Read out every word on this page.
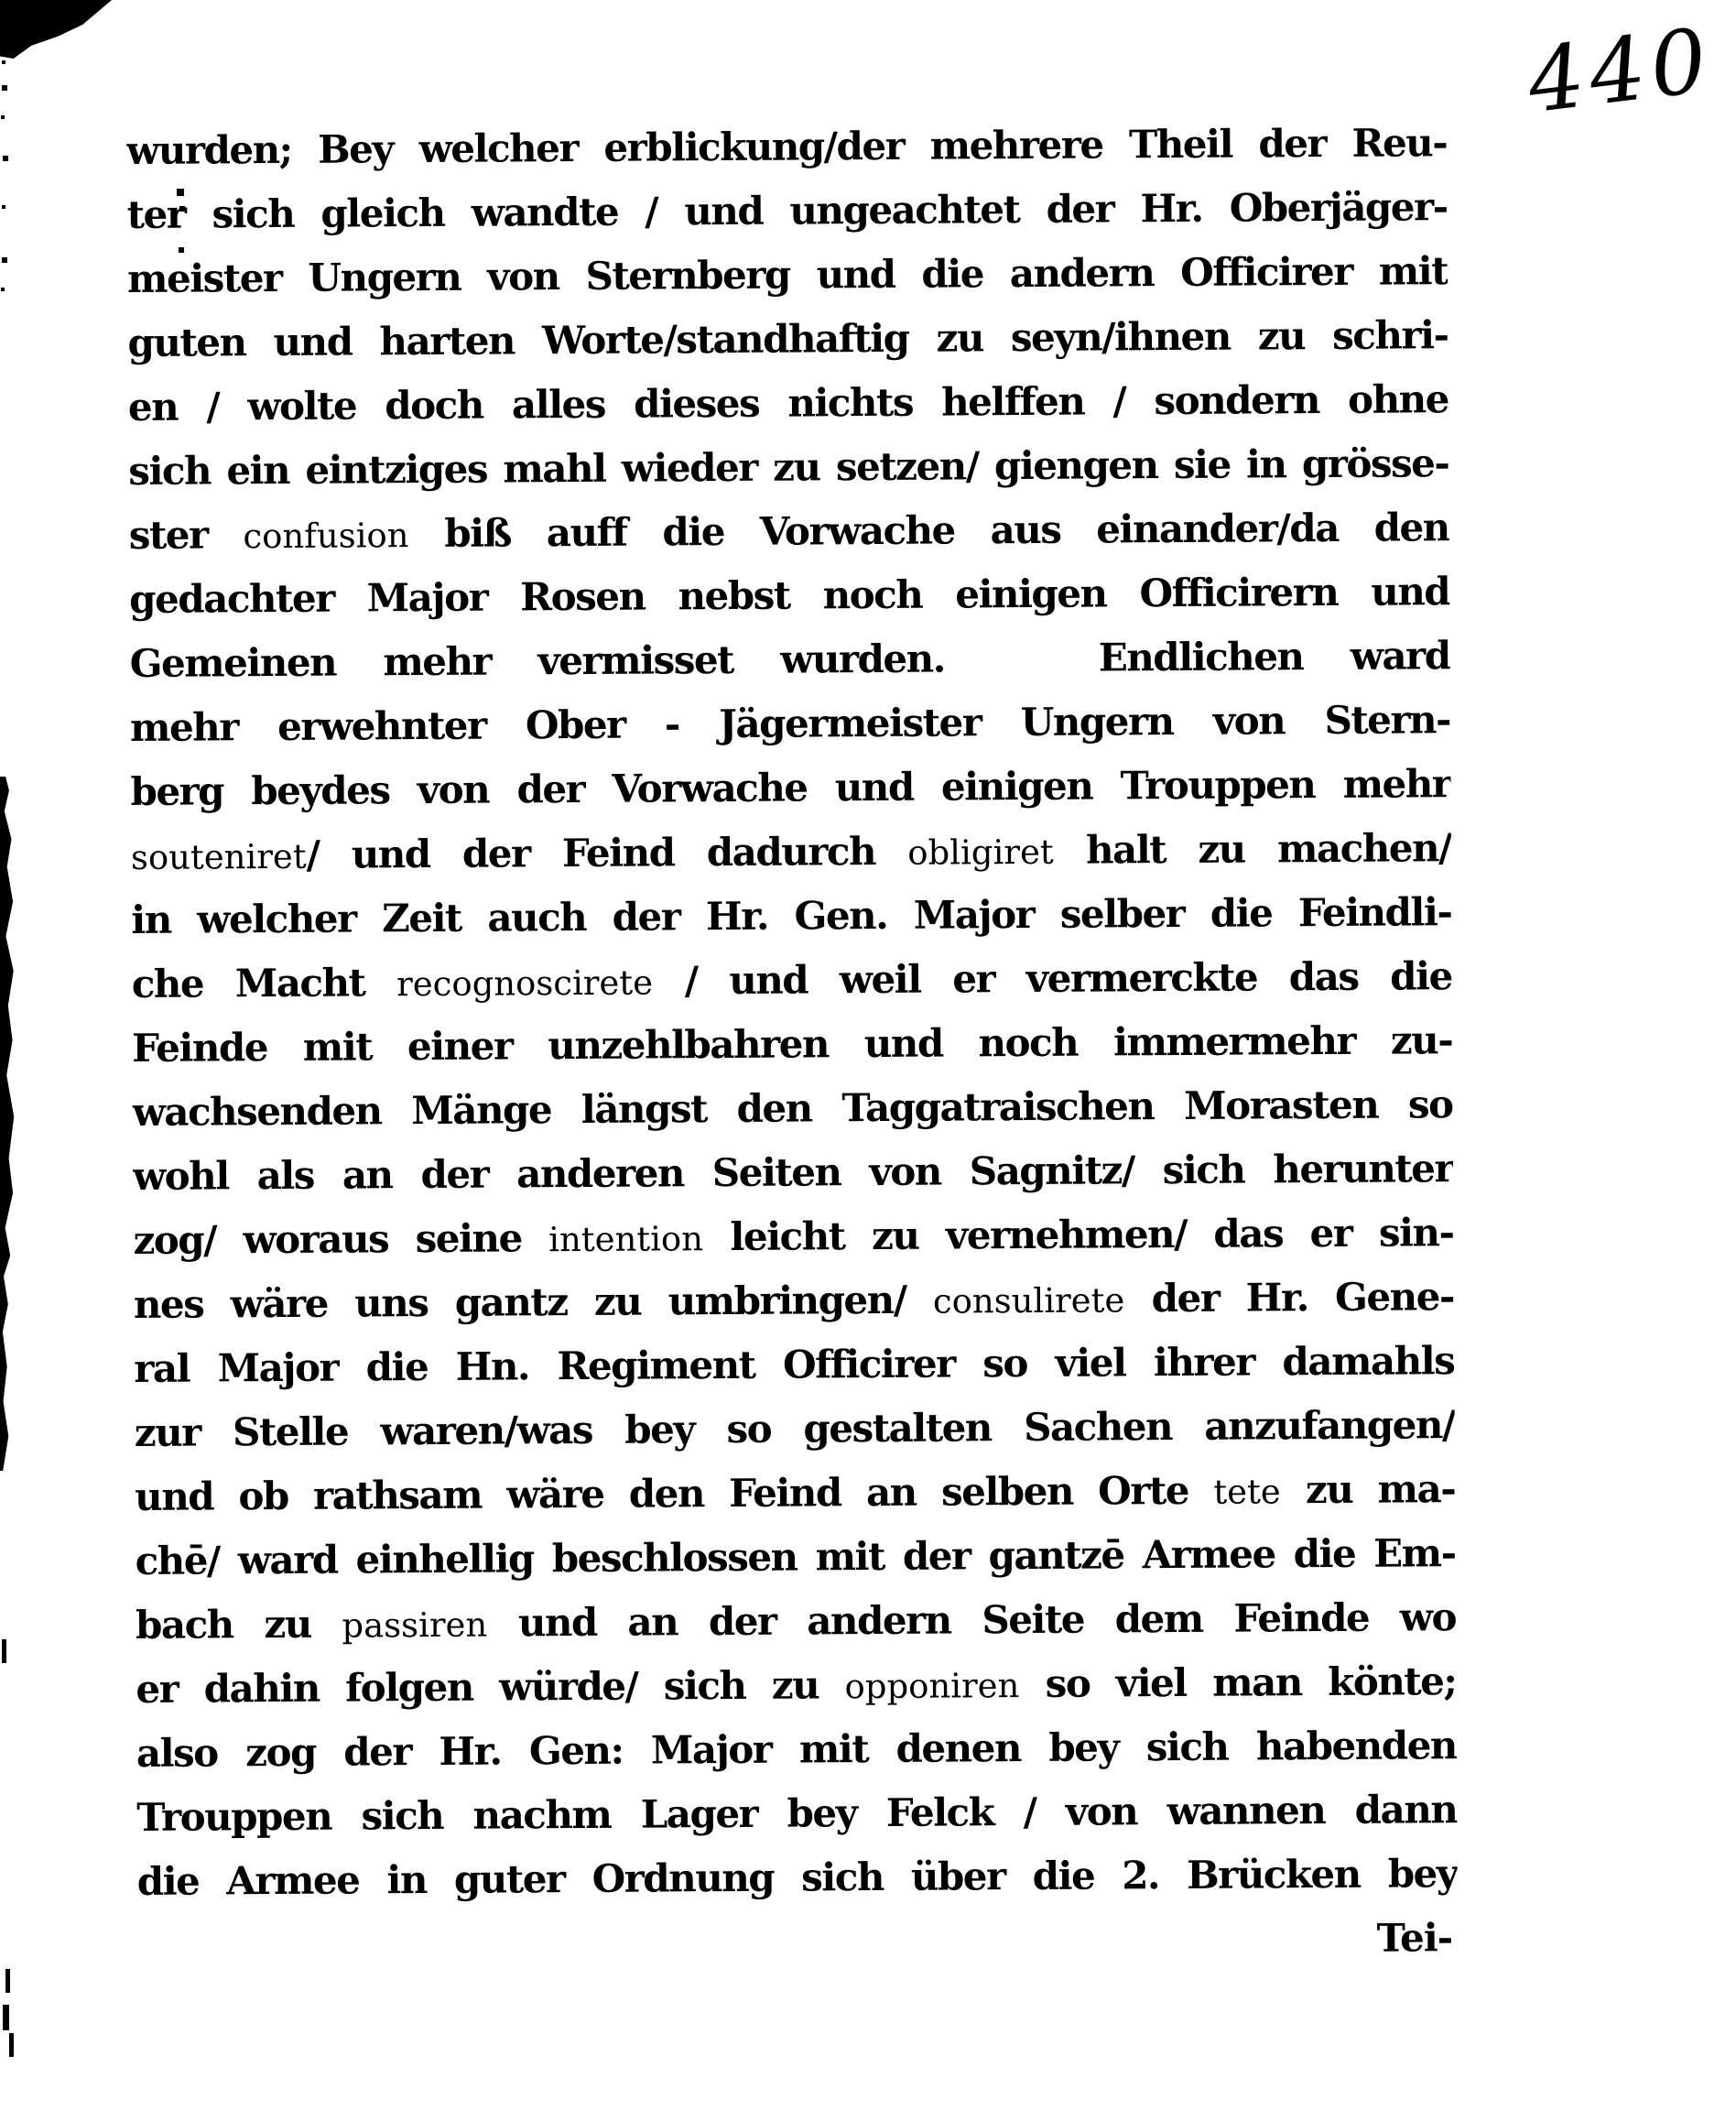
440
wurden; Bey welcher erblickung/der mehrere Theil der Reu-
ter sich gleich wandte / und ungeachtet der Hr. Oberjäger-
meister Ungern von Sternberg und die andern Officirer mit
guten und harten Worte/standhaftig zu seyn/ihnen zu schri-
en / wolte doch alles dieses nichts helffen / sondern ohne
sich ein eintziges mahl wieder zu setzen/ giengen sie in grösse-
ster confusion biß auff die Vorwache aus einander/da den
gedachter Major Rosen nebst noch einigen Officirern und
Gemeinen mehr vermisset wurden.	Endlichen ward
mehr erwehnter Ober - Jägermeister Ungern von Stern-
berg beydes von der Vorwache und einigen Trouppen mehr
souteniret/ und der Feind dadurch obligiret halt zu machen/
in welcher Zeit auch der Hr. Gen. Major selber die Feindli-
che Macht recognoscirete / und weil er vermerckte das die
Feinde mit einer unzehlbahren und noch immermehr zu-
wachsenden Mänge längst den Taggatraischen Morasten so
wohl als an der anderen Seiten von Sagnitz/ sich herunter
zog/ woraus seine intention leicht zu vernehmen/ das er sin-
nes wäre uns gantz zu umbringen/ consulirete der Hr. Gene-
ral Major die Hn. Regiment Officirer so viel ihrer damahls
zur Stelle waren/was bey so gestalten Sachen anzufangen/
und ob rathsam wäre den Feind an selben Orte tete zu ma-
chē/ ward einhellig beschlossen mit der gantzē Armee die Em-
bach zu passiren und an der andern Seite dem Feinde wo
er dahin folgen würde/ sich zu opponiren so viel man könte;
also zog der Hr. Gen: Major mit denen bey sich habenden
Trouppen sich nachm Lager bey Felck / von wannen dann
die Armee in guter Ordnung sich über die 2. Brücken bey
Tei-
